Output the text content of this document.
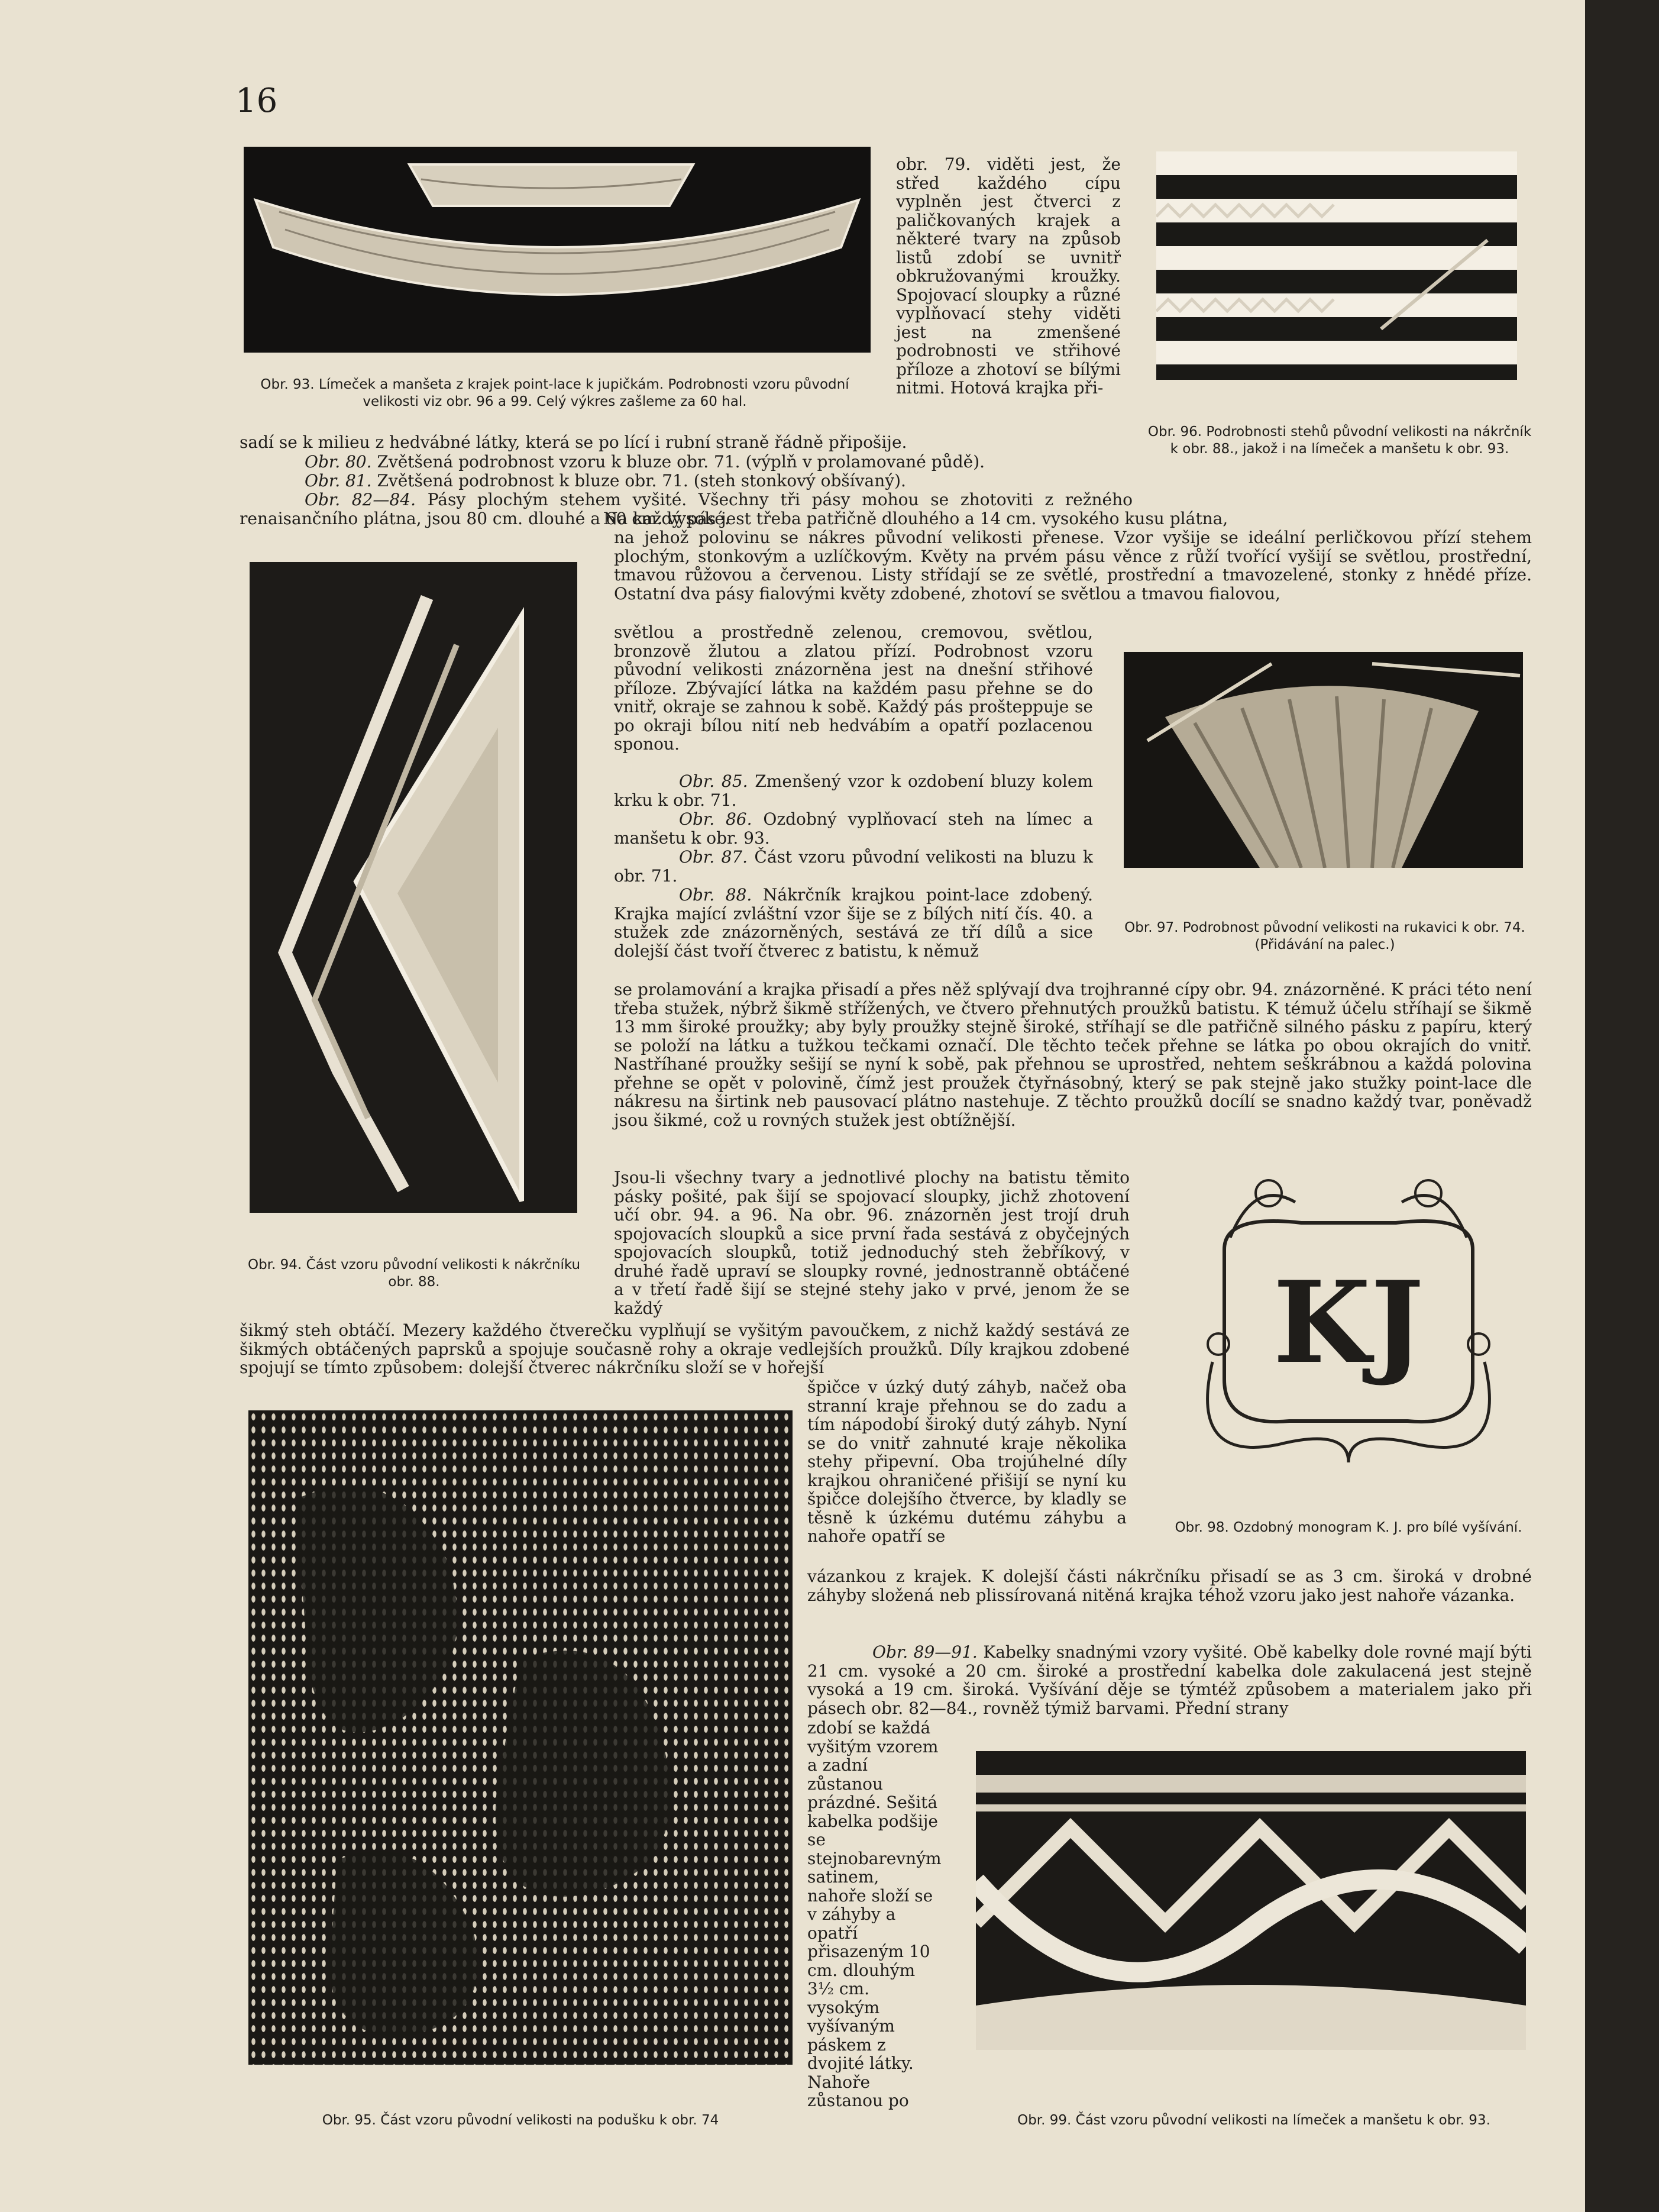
16
Obr. 93. Límeček a manšeta z krajek point-lace k jupičkám. Podrobnosti vzoru původní velikosti viz obr. 96 a 99. Celý výkres zašleme za 60 hal.

obr. 79. viděti jest, že střed každého cípu vyplněn jest čtverci z paličkovaných krajek a některé tvary na způsob listů zdobí se uvnitř obkružovanými kroužky. Spojovací sloupky a různé vyplňovací stehy viděti jest na zmenšené podrobnosti ve střihové příloze a zhotoví se bílými nitmi. Hotová krajka při-

Obr. 96. Podrobnosti stehů původní velikosti na nákrčník k obr. 88., jakož i na límeček a manšetu k obr. 93.

sadí se k milieu z hedvábné látky, která se po lící i rubní straně řádně připošije.

Obr. 80. Zvětšená podrobnost vzoru k bluze obr. 71. (výplň v prolamované půdě).

Obr. 81. Zvětšená podrobnost k bluze obr. 71. (steh stonkový obšívaný).

Obr. 82—84. Pásy plochým stehem vyšité. Všechny tři pásy mohou se zhotoviti z režného renaisančního plátna, jsou 80 cm. dlouhé a 60 cm. vysoké.

Na každý pás jest třeba patřičně dlouhého a 14 cm. vysokého kusu plátna,

na jehož polovinu se nákres původní velikosti přenese. Vzor vyšije se ideální perličkovou přízí stehem plochým, stonkovým a uzlíčkovým. Květy na prvém pásu věnce z růží tvořící vyšijí se světlou, prostřední, tmavou růžovou a červenou. Listy střídají se ze světlé, prostřední a tmavozelené, stonky z hnědé příze. Ostatní dva pásy fialovými květy zdobené, zhotoví se světlou a tmavou fialovou,

Obr. 94. Část vzoru původní velikosti k nákrčníku obr. 88.

světlou a prostředně zelenou, cremovou, světlou, bronzově žlutou a zlatou přízí. Podrobnost vzoru původní velikosti znázorněna jest na dnešní střihové příloze. Zbývající látka na každém pasu přehne se do vnitř, okraje se zahnou k sobě. Každý pás prošteppuje se po okraji bílou nití neb hedvábím a opatří pozlacenou sponou.

Obr. 85. Zmenšený vzor k ozdobení bluzy kolem krku k obr. 71.

Obr. 86. Ozdobný vyplňovací steh na límec a manšetu k obr. 93.

Obr. 87. Část vzoru původní velikosti na bluzu k obr. 71.

Obr. 88. Nákrčník krajkou point-lace zdobený. Krajka mající zvláštní vzor šije se z bílých nití čís. 40. a stužek zde znázorněných, sestává ze tří dílů a sice dolejší část tvoří čtverec z batistu, k němuž

Obr. 97. Podrobnost původní velikosti na rukavici k obr. 74. (Přidávání na palec.)

se prolamování a krajka přisadí a přes něž splývají dva trojhranné cípy obr. 94. znázorněné. K práci této není třeba stužek, nýbrž šikmě střížených, ve čtvero přehnutých proužků batistu. K témuž účelu stříhají se šikmě 13 mm široké proužky; aby byly proužky stejně široké, stříhají se dle patřičně silného pásku z papíru, který se položí na látku a tužkou tečkami označí. Dle těchto teček přehne se látka po obou okrajích do vnitř. Nastříhané proužky sešijí se nyní k sobě, pak přehnou se uprostřed, nehtem seškrábnou a každá polovina přehne se opět v polovině, čímž jest proužek čtyřnásobný, který se pak stejně jako stužky point-lace dle nákresu na širtink neb pausovací plátno nastehuje. Z těchto proužků docílí se snadno každý tvar, poněvadž jsou šikmé, což u rovných stužek jest obtížnější.

Jsou-li všechny tvary a jednotlivé plochy na batistu těmito pásky pošité, pak šijí se spojovací sloupky, jichž zhotovení učí obr. 94. a 96. Na obr. 96. znázorněn jest trojí druh spojovacích sloupků a sice první řada sestává z obyčejných spojovacích sloupků, totiž jednoduchý steh žebříkový, v druhé řadě upraví se sloupky rovné, jednostranně obtáčené a v třetí řadě šijí se stejné stehy jako v prvé, jenom že se každý

šikmý steh obtáčí. Mezery každého čtverečku vyplňují se vyšitým pavoučkem, z nichž každý sestává ze šikmých obtáčených paprsků a spojuje současně rohy a okraje vedlejších proužků. Díly krajkou zdobené spojují se tímto způsobem: dolejší čtverec nákrčníku složí se v hořejší	KJ
Obr. 98. Ozdobný monogram K. J. pro bílé vyšívání.
Obr. 95. Část vzoru původní velikosti na podušku k obr. 74

špičce v úzký dutý záhyb, načež oba stranní kraje přehnou se do zadu a tím nápodobí široký dutý záhyb. Nyní se do vnitř zahnuté kraje několika stehy připevní. Oba trojúhelné díly krajkou ohraničené přišijí se nyní ku špičce dolejšího čtverce, by kladly se těsně k úzkému dutému záhybu a nahoře opatří se

vázankou z krajek. K dolejší části nákrčníku přisadí se as 3 cm. široká v drobné záhyby složená neb plissírovaná nitěná krajka téhož vzoru jako jest nahoře vázanka.

Obr. 89—91. Kabelky snadnými vzory vyšité. Obě kabelky dole rovné mají býti 21 cm. vysoké a 20 cm. široké a prostřední kabelka dole zakulacená jest stejně vysoká a 19 cm. široká. Vyšívání děje se týmtéž způsobem a materialem jako při pásech obr. 82—84., rovněž týmiž barvami. Přední strany

zdobí se každá vyšitým vzorem a zadní zůstanou prázdné. Sešitá kabelka podšije se stejnobarevným satinem, nahoře složí se v záhyby a opatří přisazeným 10 cm. dlouhým 3½ cm. vysokým vyšívaným páskem z dvojité látky. Nahoře zůstanou po

Obr. 99. Část vzoru původní velikosti na límeček a manšetu k obr. 93.
